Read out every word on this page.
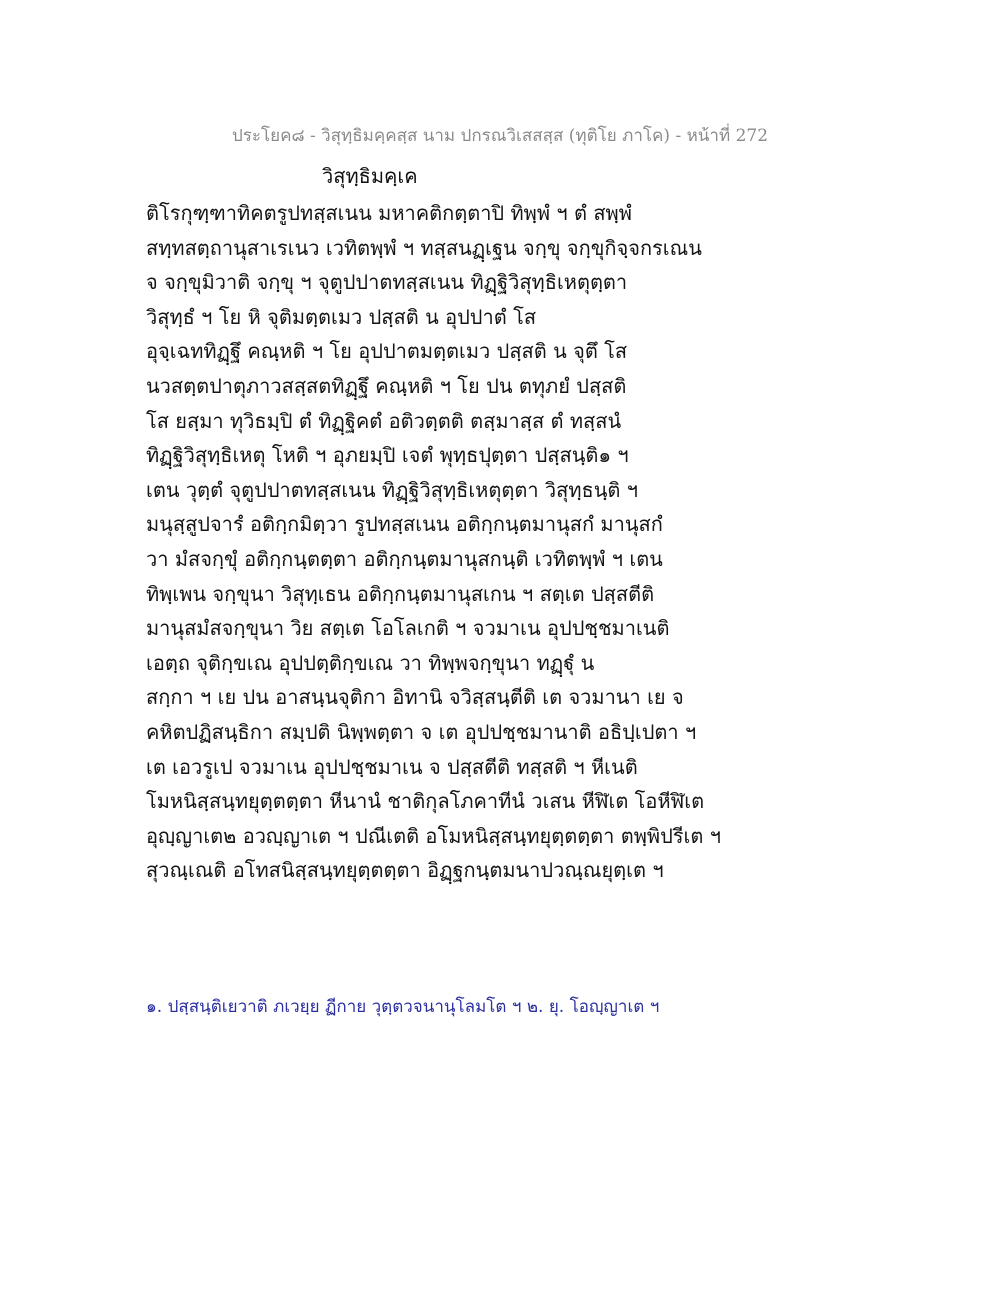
ประโยค๘ - วิสุทฺธิมคฺคสฺส นาม ปกรณวิเสสสฺส (ทุติโย ภาโค) - หน้าที่ 272
วิสุทฺธิมคฺเค
ติโรกุฑฺฑาทิคตรูปทสฺสเนน มหาคติกตฺตาปิ ทิพฺพํ ฯ ตํ สพฺพํ
สทฺทสตฺถานุสาเรเนว เวทิตพฺพํ ฯ ทสฺสนฏฺเฐน จกฺขุ จกฺขุกิจฺจกรเณน
จ จกฺขุมิวาติ จกฺขุ ฯ จุตูปปาตทสฺสเนน ทิฏฺฐิวิสุทฺธิเหตุตฺตา
วิสุทฺธํ ฯ โย หิ จุติมตฺตเมว ปสฺสติ น อุปปาตํ โส
อุจฺเฉททิฏฺฐึ คณฺหติ ฯ โย อุปปาตมตฺตเมว ปสฺสติ น จุตึ โส
นวสตฺตปาตุภาวสสฺสตทิฏฺฐึ คณฺหติ ฯ โย ปน ตทุภยํ ปสฺสติ
โส ยสฺมา ทุวิธมฺปิ ตํ ทิฏฺฐิคตํ อติวตฺตติ ตสฺมาสฺส ตํ ทสฺสนํ
ทิฏฺฐิวิสุทฺธิเหตุ โหติ ฯ อุภยมฺปิ เจตํ พุทฺธปุตฺตา ปสฺสนฺติ๑ ฯ
เตน วุตฺตํ จุตูปปาตทสฺสเนน ทิฏฺฐิวิสุทฺธิเหตุตฺตา วิสุทฺธนฺติ ฯ
มนุสฺสูปจารํ อติกฺกมิตฺวา รูปทสฺสเนน อติกฺกนฺตมานุสกํ มานุสกํ
วา มํสจกฺขุํ อติกฺกนฺตตฺตา อติกฺกนฺตมานุสกนฺติ เวทิตพฺพํ ฯ เตน
ทิพฺเพน จกฺขุนา วิสุทฺเธน อติกฺกนฺตมานุสเกน ฯ สตฺเต ปสฺสตีติ
มานุสมํสจกฺขุนา วิย สตฺเต โอโลเกติ ฯ จวมาเน อุปปชฺชมาเนติ
เอตฺถ จุติกฺขเณ อุปปตฺติกฺขเณ วา ทิพฺพจกฺขุนา ทฏฺฐุํ น
สกฺกา ฯ เย ปน อาสนฺนจุติกา อิทานิ จวิสฺสนฺตีติ เต จวมานา เย จ
คหิตปฏิสนฺธิกา สมฺปติ นิพฺพตฺตา จ เต อุปปชฺชมานาติ อธิปฺเปตา ฯ
เต เอวรูเป จวมาเน อุปปชฺชมาเน จ ปสฺสตีติ ทสฺสติ ฯ หีเนติ
โมหนิสฺสนฺทยุตฺตตฺตา หีนานํ ชาติกุลโภคาทีนํ วเสน หีฬิเต โอหีฬิเต
อุญฺญาเต๒ อวญฺญาเต ฯ ปณีเตติ อโมหนิสฺสนฺทยุตฺตตฺตา ตพฺพิปรีเต ฯ
สุวณฺเณติ อโทสนิสฺสนฺทยุตฺตตฺตา อิฏฺฐกนฺตมนาปวณฺณยุตฺเต ฯ
๑. ปสฺสนฺติเยวาติ ภเวยฺย ฏีกาย วุตฺตวจนานุโลมโต ฯ ๒. ยุ. โอญฺญาเต ฯ
